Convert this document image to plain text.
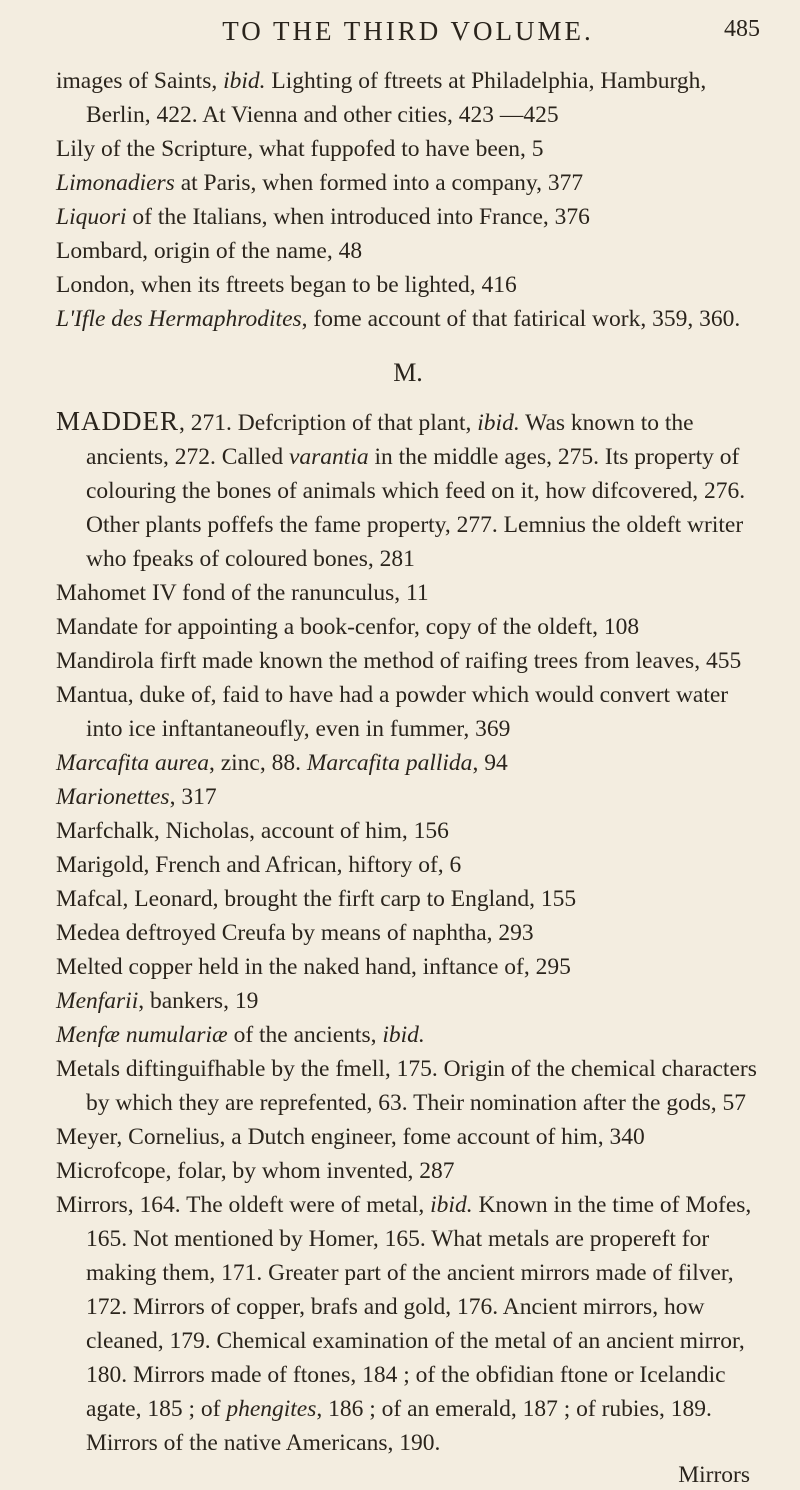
TO THE THIRD VOLUME.	485

images of Saints, ibid. Lighting of ftreets at Philadelphia, Hamburgh, Berlin, 422. At Vienna and other cities, 423 —425

Lily of the Scripture, what fuppofed to have been, 5

Limonadiers at Paris, when formed into a company, 377

Liquori of the Italians, when introduced into France, 376

Lombard, origin of the name, 48

London, when its ftreets began to be lighted, 416

L'Ifle des Hermaphrodites, fome account of that fatirical work, 359, 360.

M.

MADDER, 271. Defcription of that plant, ibid. Was known to the ancients, 272. Called varantia in the middle ages, 275. Its property of colouring the bones of animals which feed on it, how difcovered, 276. Other plants poffefs the fame property, 277. Lemnius the oldeft writer who fpeaks of coloured bones, 281

Mahomet IV fond of the ranunculus, 11

Mandate for appointing a book-cenfor, copy of the oldeft, 108

Mandirola firft made known the method of raifing trees from leaves, 455

Mantua, duke of, faid to have had a powder which would convert water into ice inftantaneoufly, even in fummer, 369

Marcafita aurea, zinc, 88. Marcafita pallida, 94

Marionettes, 317

Marfchalk, Nicholas, account of him, 156

Marigold, French and African, hiftory of, 6

Mafcal, Leonard, brought the firft carp to England, 155

Medea deftroyed Creufa by means of naphtha, 293

Melted copper held in the naked hand, inftance of, 295

Menfarii, bankers, 19

Menfæ numulariæ of the ancients, ibid.

Metals diftinguifhable by the fmell, 175. Origin of the chemical characters by which they are reprefented, 63. Their nomination after the gods, 57

Meyer, Cornelius, a Dutch engineer, fome account of him, 340

Microfcope, folar, by whom invented, 287

Mirrors, 164. The oldeft were of metal, ibid. Known in the time of Mofes, 165. Not mentioned by Homer, 165. What metals are propereft for making them, 171. Greater part of the ancient mirrors made of filver, 172. Mirrors of copper, brafs and gold, 176. Ancient mirrors, how cleaned, 179. Chemical examination of the metal of an ancient mirror, 180. Mirrors made of ftones, 184 ; of the obfidian ftone or Icelandic agate, 185 ; of phengites, 186 ; of an emerald, 187 ; of rubies, 189. Mirrors of the native Americans, 190.

Mirrors
